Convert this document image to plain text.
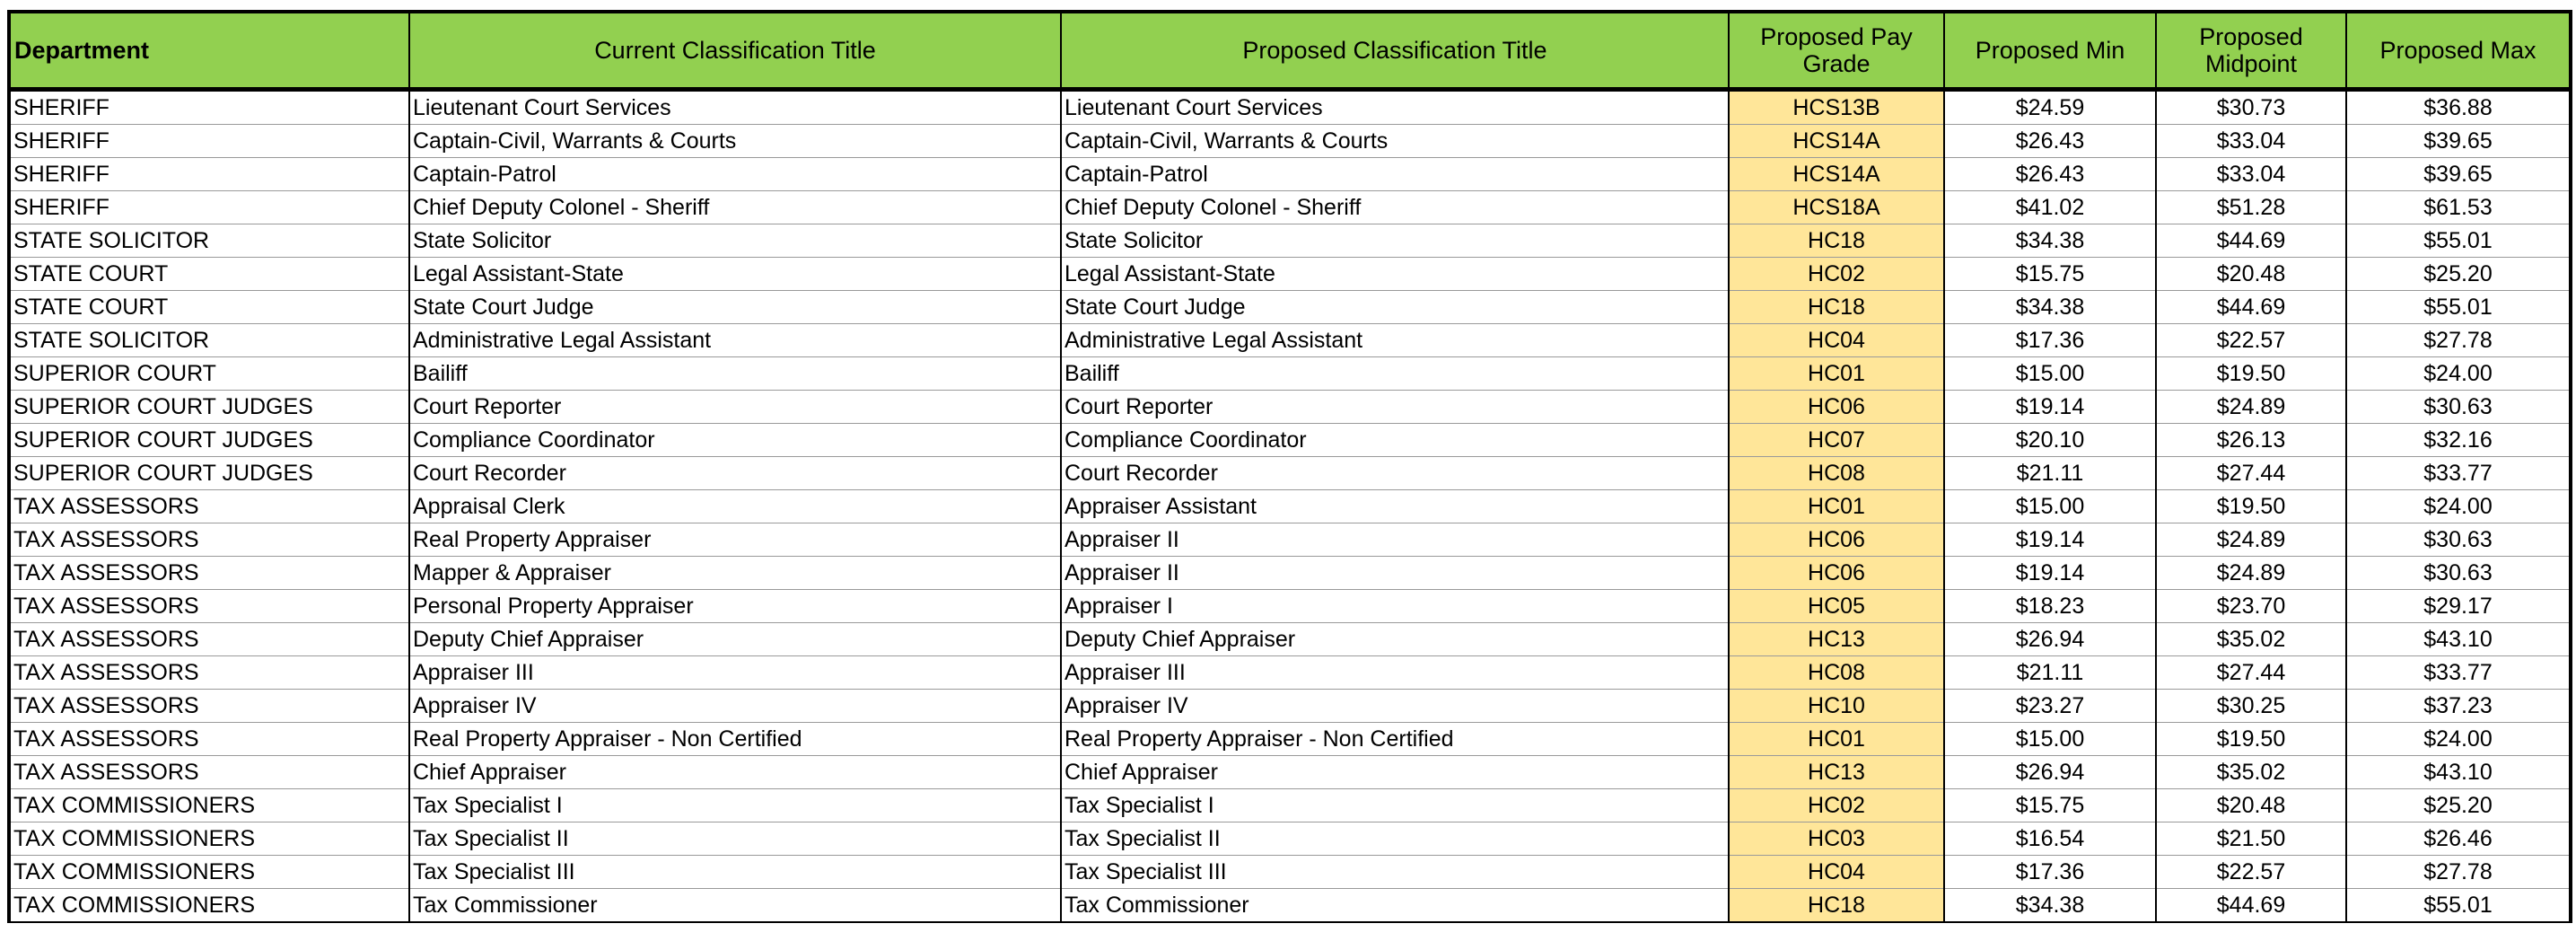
Department	Current Classification Title	Proposed Classification Title	Proposed Pay Grade	Proposed Min	Proposed Midpoint	Proposed Max
SHERIFF	Lieutenant Court Services	Lieutenant Court Services	HCS13B	$24.59	$30.73	$36.88
SHERIFF	Captain-Civil, Warrants & Courts	Captain-Civil, Warrants & Courts	HCS14A	$26.43	$33.04	$39.65
SHERIFF	Captain-Patrol	Captain-Patrol	HCS14A	$26.43	$33.04	$39.65
SHERIFF	Chief Deputy Colonel - Sheriff	Chief Deputy Colonel - Sheriff	HCS18A	$41.02	$51.28	$61.53
STATE SOLICITOR	State Solicitor	State Solicitor	HC18	$34.38	$44.69	$55.01
STATE COURT	Legal Assistant-State	Legal Assistant-State	HC02	$15.75	$20.48	$25.20
STATE COURT	State Court Judge	State Court Judge	HC18	$34.38	$44.69	$55.01
STATE SOLICITOR	Administrative Legal Assistant	Administrative Legal Assistant	HC04	$17.36	$22.57	$27.78
SUPERIOR COURT	Bailiff	Bailiff	HC01	$15.00	$19.50	$24.00
SUPERIOR COURT JUDGES	Court Reporter	Court Reporter	HC06	$19.14	$24.89	$30.63
SUPERIOR COURT JUDGES	Compliance Coordinator	Compliance Coordinator	HC07	$20.10	$26.13	$32.16
SUPERIOR COURT JUDGES	Court Recorder	Court Recorder	HC08	$21.11	$27.44	$33.77
TAX ASSESSORS	Appraisal Clerk	Appraiser Assistant	HC01	$15.00	$19.50	$24.00
TAX ASSESSORS	Real Property Appraiser	Appraiser II	HC06	$19.14	$24.89	$30.63
TAX ASSESSORS	Mapper & Appraiser	Appraiser II	HC06	$19.14	$24.89	$30.63
TAX ASSESSORS	Personal Property Appraiser	Appraiser I	HC05	$18.23	$23.70	$29.17
TAX ASSESSORS	Deputy Chief Appraiser	Deputy Chief Appraiser	HC13	$26.94	$35.02	$43.10
TAX ASSESSORS	Appraiser III	Appraiser III	HC08	$21.11	$27.44	$33.77
TAX ASSESSORS	Appraiser IV	Appraiser IV	HC10	$23.27	$30.25	$37.23
TAX ASSESSORS	Real Property Appraiser - Non Certified	Real Property Appraiser - Non Certified	HC01	$15.00	$19.50	$24.00
TAX ASSESSORS	Chief Appraiser	Chief Appraiser	HC13	$26.94	$35.02	$43.10
TAX COMMISSIONERS	Tax Specialist I	Tax Specialist I	HC02	$15.75	$20.48	$25.20
TAX COMMISSIONERS	Tax Specialist II	Tax Specialist II	HC03	$16.54	$21.50	$26.46
TAX COMMISSIONERS	Tax Specialist III	Tax Specialist III	HC04	$17.36	$22.57	$27.78
TAX COMMISSIONERS	Tax Commissioner	Tax Commissioner	HC18	$34.38	$44.69	$55.01
